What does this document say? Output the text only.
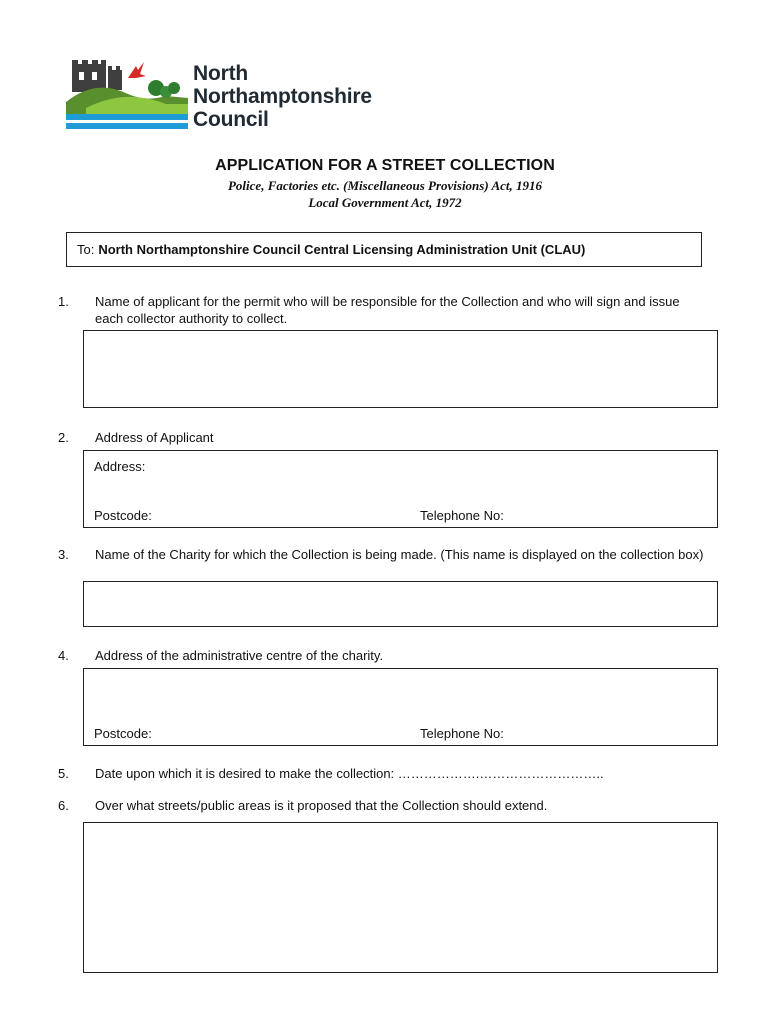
North
Northamptonshire
Council
APPLICATION FOR A STREET COLLECTION
Police, Factories etc. (Miscellaneous Provisions) Act, 1916
Local Government Act, 1972
To: North Northamptonshire Council Central Licensing Administration Unit (CLAU)
1. Name of applicant for the permit who will be responsible for the Collection and who will sign and issue each collector authority to collect.
2. Address of Applicant
Address:
Postcode:	Telephone No:
3. Name of the Charity for which the Collection is being made. (This name is displayed on the collection box)
4. Address of the administrative centre of the charity.
Postcode:	Telephone No:
5. Date upon which it is desired to make the collection: ……………….………………………..
6. Over what streets/public areas is it proposed that the Collection should extend.
